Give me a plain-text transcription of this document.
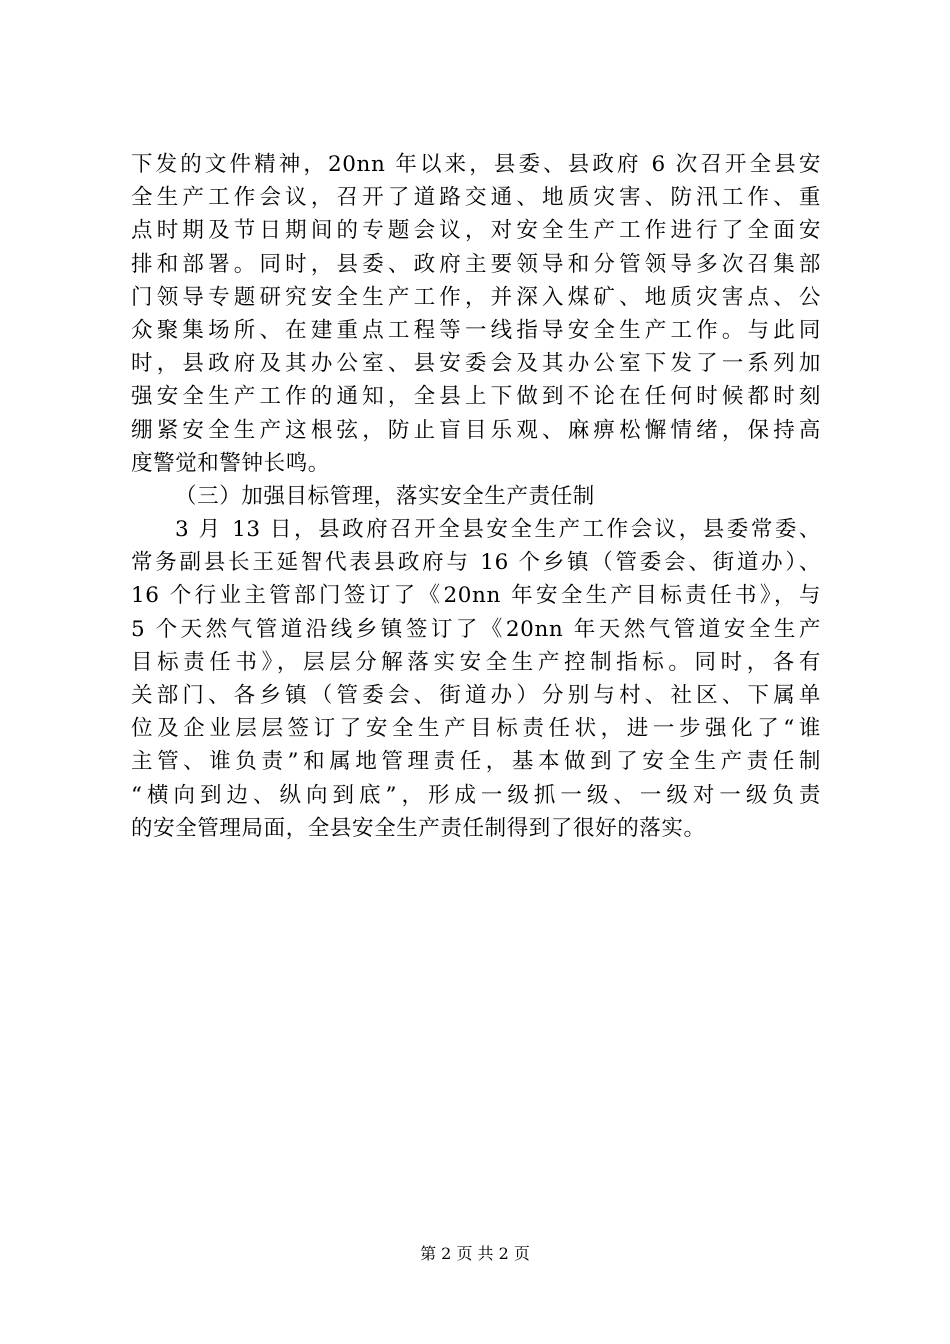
下发的文件精神，20nn 年以来，县委、县政府 6 次召开全县安
全生产工作会议，召开了道路交通、地质灾害、防汛工作、重
点时期及节日期间的专题会议，对安全生产工作进行了全面安
排和部署。同时，县委、政府主要领导和分管领导多次召集部
门领导专题研究安全生产工作，并深入煤矿、地质灾害点、公
众聚集场所、在建重点工程等一线指导安全生产工作。与此同
时，县政府及其办公室、县安委会及其办公室下发了一系列加
强安全生产工作的通知，全县上下做到不论在任何时候都时刻
绷紧安全生产这根弦，防止盲目乐观、麻痹松懈情绪，保持高
度警觉和警钟长鸣。
（三）加强目标管理，落实安全生产责任制
3 月 13 日，县政府召开全县安全生产工作会议，县委常委、
常务副县长王延智代表县政府与 16 个乡镇（管委会、街道办）、
16 个行业主管部门签订了《20nn 年安全生产目标责任书》，与
5 个天然气管道沿线乡镇签订了《20nn 年天然气管道安全生产
目标责任书》，层层分解落实安全生产控制指标。同时，各有
关部门、各乡镇（管委会、街道办）分别与村、社区、下属单
位及企业层层签订了安全生产目标责任状，进一步强化了“谁
主管、谁负责”和属地管理责任，基本做到了安全生产责任制
“横向到边、纵向到底”，形成一级抓一级、一级对一级负责
的安全管理局面，全县安全生产责任制得到了很好的落实。
第 2 页 共 2 页
